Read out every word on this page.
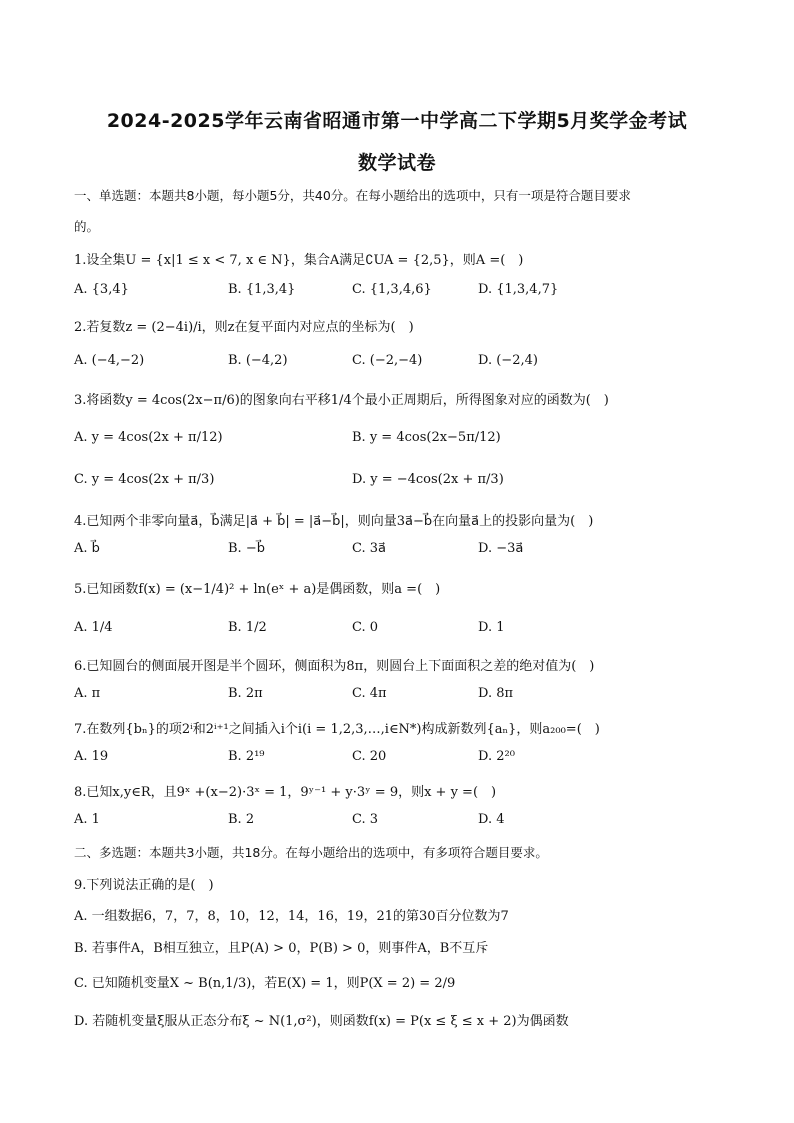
2024-2025学年云南省昭通市第一中学高二下学期5月奖学金考试
数学试卷
一、单选题：本题共8小题，每小题5分，共40分。在每小题给出的选项中，只有一项是符合题目要求
的。
1.设全集U = {x|1 ≤ x < 7, x ∈ N}，集合A满足∁UA = {2,5}，则A =(　)
A. {3,4}	B. {1,3,4}	C. {1,3,4,6}	D. {1,3,4,7}
2.若复数z = (2−4i)/i，则z在复平面内对应点的坐标为(　)
A. (−4,−2)	B. (−4,2)	C. (−2,−4)	D. (−2,4)
3.将函数y = 4cos(2x−π/6)的图象向右平移1/4个最小正周期后，所得图象对应的函数为(　)
A. y = 4cos(2x + π/12)	B. y = 4cos(2x−5π/12)
C. y = 4cos(2x + π/3)	D. y = −4cos(2x + π/3)
4.已知两个非零向量a⃗，b⃗满足|a⃗ + b⃗| = |a⃗−b⃗|，则向量3a⃗−b⃗在向量a⃗上的投影向量为(　)
A. b⃗	B. −b⃗	C. 3a⃗	D. −3a⃗
5.已知函数f(x) = (x−1/4)² + ln(eˣ + a)是偶函数，则a =(　)
A. 1/4	B. 1/2	C. 0	D. 1
6.已知圆台的侧面展开图是半个圆环，侧面积为8π，则圆台上下面面积之差的绝对值为(　)
A. π	B. 2π	C. 4π	D. 8π
7.在数列{bₙ}的项2ⁱ和2ⁱ⁺¹之间插入i个i(i = 1,2,3,…,i∈N*)构成新数列{aₙ}，则a₂₀₀=(　)
A. 19	B. 2¹⁹	C. 20	D. 2²⁰
8.已知x,y∈R，且9ˣ +(x−2)·3ˣ = 1，9ʸ⁻¹ + y·3ʸ = 9，则x + y =(　)
A. 1	B. 2	C. 3	D. 4
二、多选题：本题共3小题，共18分。在每小题给出的选项中，有多项符合题目要求。
9.下列说法正确的是(　)
A. 一组数据6，7，7，8，10，12，14，16，19，21的第30百分位数为7
B. 若事件A，B相互独立，且P(A) > 0，P(B) > 0，则事件A，B不互斥
C. 已知随机变量X ~ B(n,1/3)，若E(X) = 1，则P(X = 2) = 2/9
D. 若随机变量ξ服从正态分布ξ ~ N(1,σ²)，则函数f(x) = P(x ≤ ξ ≤ x + 2)为偶函数
